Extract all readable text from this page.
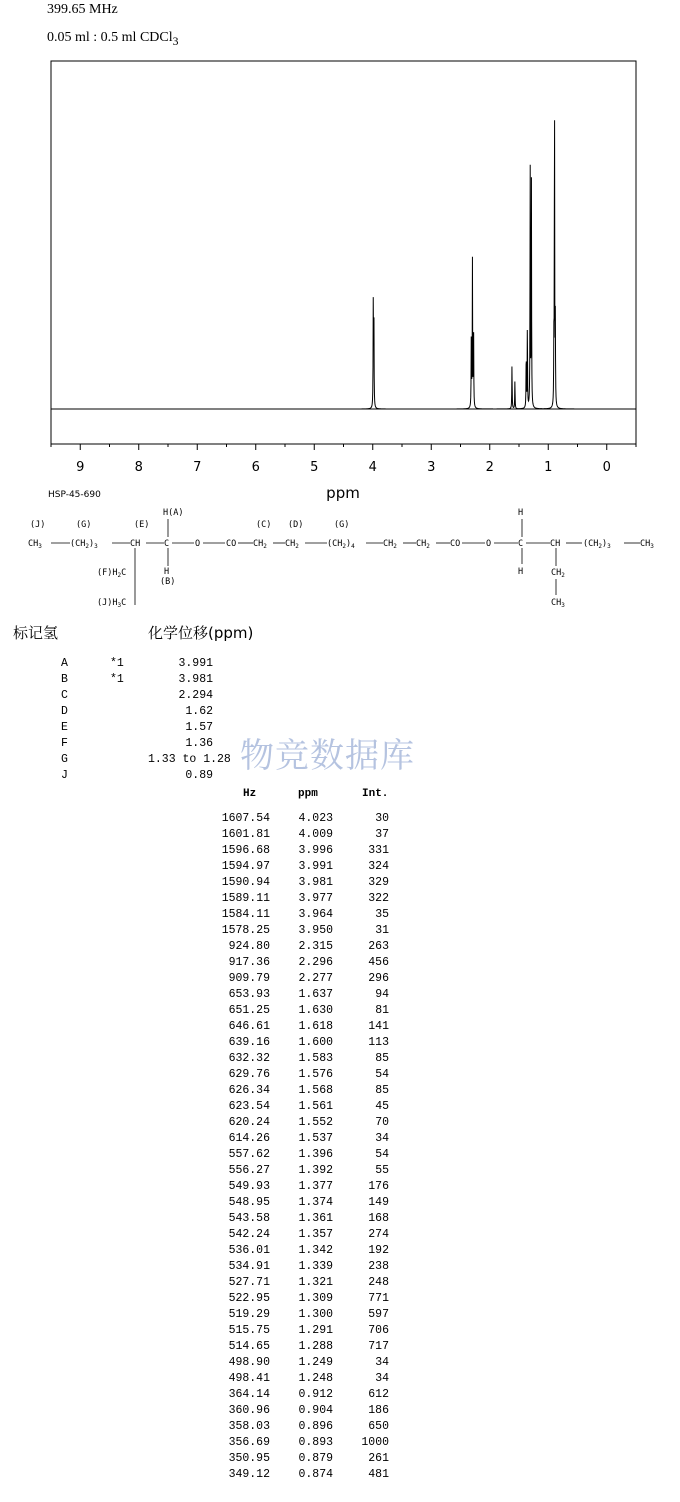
399.65 MHz
0.05 ml : 0.5 ml CDCl$_3$
9	8	7	6	5	4	3	2	1	0
ppm
HSP-45-690
(J)	(G)	(E)
H(A)
(C) (D)	(G)
$CH_3$	$(CH_2)_3$	CH	C
H
(B)
O	CO $CH_2$ $CH_2$	$(CH_2)_4$	$CH_2$ $CH_2$ CO	O	C
H
H
CH	$(CH_2)_3$	$CH_3$
$(F)H_2C$
$(J)H_3C$
$CH_2$
$CH_3$
标记氢	化学位移(ppm)
A	*1	3.991
B	*1	3.981
C	2.294
D	1.62
E	1.57
F	1.36
G	1.33 to 1.28
J	0.89 物竞数据库
Hz	ppm	Int.
1607.54	4.023	30
1601.81	4.009	37
1596.68	3.996	331
1594.97	3.991	324
1590.94	3.981	329
1589.11	3.977	322
1584.11	3.964	35
1578.25	3.950	31
924.80	2.315	263
917.36	2.296	456
909.79	2.277	296
653.93	1.637	94
651.25	1.630	81
646.61	1.618	141
639.16	1.600	113
632.32	1.583	85
629.76	1.576	54
626.34	1.568	85
623.54	1.561	45
620.24	1.552	70
614.26	1.537	34
557.62	1.396	54
556.27	1.392	55
549.93	1.377	176
548.95	1.374	149
543.58	1.361	168
542.24	1.357	274
536.01	1.342	192
534.91	1.339	238
527.71	1.321	248
522.95	1.309	771
519.29	1.300	597
515.75	1.291	706
514.65	1.288	717
498.90	1.249	34
498.41	1.248	34
364.14	0.912	612
360.96	0.904	186
358.03	0.896	650
356.69	0.893	1000
350.95	0.879	261
349.12	0.874	481
